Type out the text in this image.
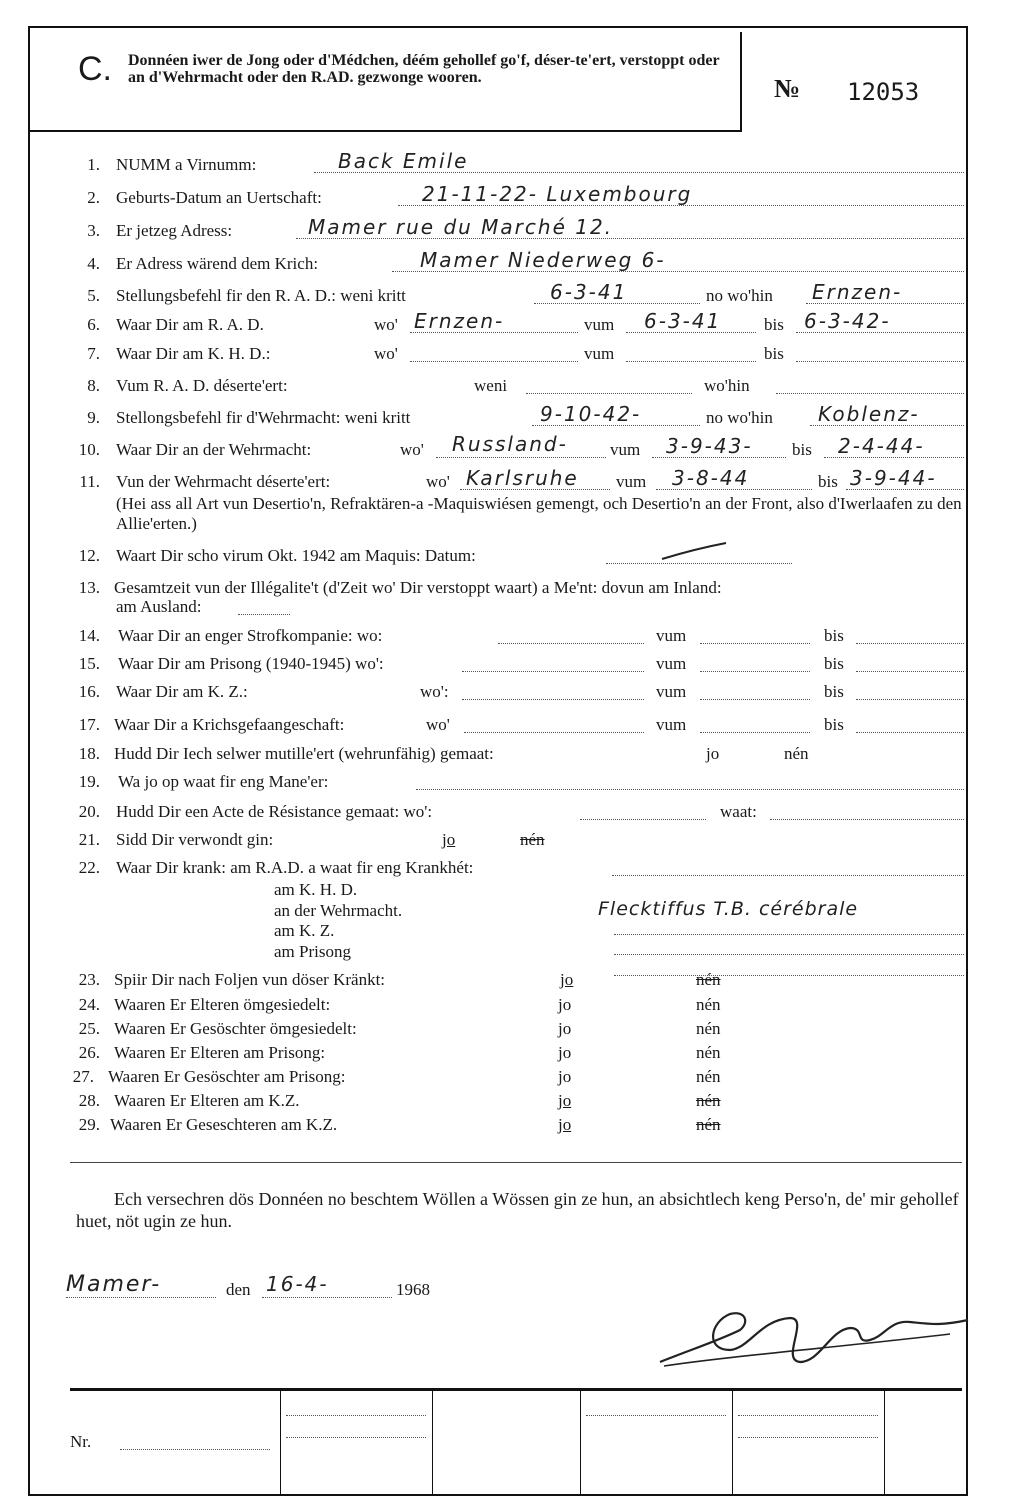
C. Donnéen iwer de Jong oder d'Médchen, déém gehollef go'f, déser-te'ert, verstoppt oder an d'Wehrmacht oder den R.AD. gezwonge wooren.	№ 12053
1. NUMM a Virnumm:	Back Emile
2. Geburts-Datum an Uertschaft:	21-11-22- Luxembourg
3. Er jetzeg Adress:	Mamer rue du Marché 12.
4. Er Adress wärend dem Krich:	Mamer Niederweg 6-
5. Stellungsbefehl fir den R. A. D.: weni kritt	6-3-41	no wo'hin Ernzen-
6. Waar Dir am R. A. D.	wo' Ernzen-	vum 6-3-41	bis 6-3-42-
7. Waar Dir am K. H. D.:	wo'	vum	bis
8. Vum R. A. D. déserte'ert:	weni	wo'hin
9. Stellongsbefehl fir d'Wehrmacht: weni kritt	9-10-42-	no wo'hin Koblenz-
10. Waar Dir an der Wehrmacht:	wo' Russland- vum 3-9-43- bis 2-4-44-
11. Vun der Wehrmacht déserte'ert:	wo' Karlsruhe vum 3-8-44	bis 3-9-44-
(Hei ass all Art vun Desertio'n, Refraktären-a -Maquiswiésen gemengt, och Desertio'n an der Front, also d'Iwerlaafen zu den Allie'erten.)
12. Waart Dir scho virum Okt. 1942 am Maquis: Datum:
13. Gesamtzeit vun der Illégalite't (d'Zeit wo' Dir verstoppt waart) a Me'nt: dovun am Inland:
am Ausland:
14. Waar Dir an enger Strofkompanie: wo:	vum	bis
15. Waar Dir am Prisong (1940-1945) wo':	vum	bis
16. Waar Dir am K. Z.:	wo':	vum	bis
17. Waar Dir a Krichsgefaangeschaft:	wo'	vum	bis
18. Hudd Dir Iech selwer mutille'ert (wehrunfähig) gemaat:	jo	nén
19. Wa jo op waat fir eng Mane'er:
20. Hudd Dir een Acte de Résistance gemaat: wo':	waat:
21. Sidd Dir verwondt gin:	jo	nén
22. Waar Dir krank: am R.A.D. a waat fir eng Krankhét:
am K. H. D.
an der Wehrmacht.
am K. Z.
am Prisong
Flecktiffus T.B. cérébrale
23. Spiir Dir nach Foljen vun döser Kränkt:	jo	nén
24. Waaren Er Elteren ömgesiedelt:	jo	nén
25. Waaren Er Gesöschter ömgesiedelt:	jo	nén
26. Waaren Er Elteren am Prisong:	jo	nén
27. Waaren Er Gesöschter am Prisong:	jo	nén
28. Waaren Er Elteren am K.Z.	jo	nén
29. Waaren Er Geseschteren am K.Z.	jo	nén
Ech versechren dös Donnéen no beschtem Wöllen a Wössen gin ze hun, an absichtlech keng Perso'n, de' mir gehollef huet, nöt ugin ze hun.
Mamer-	den 16-4-	1968
E Back
Nr.
